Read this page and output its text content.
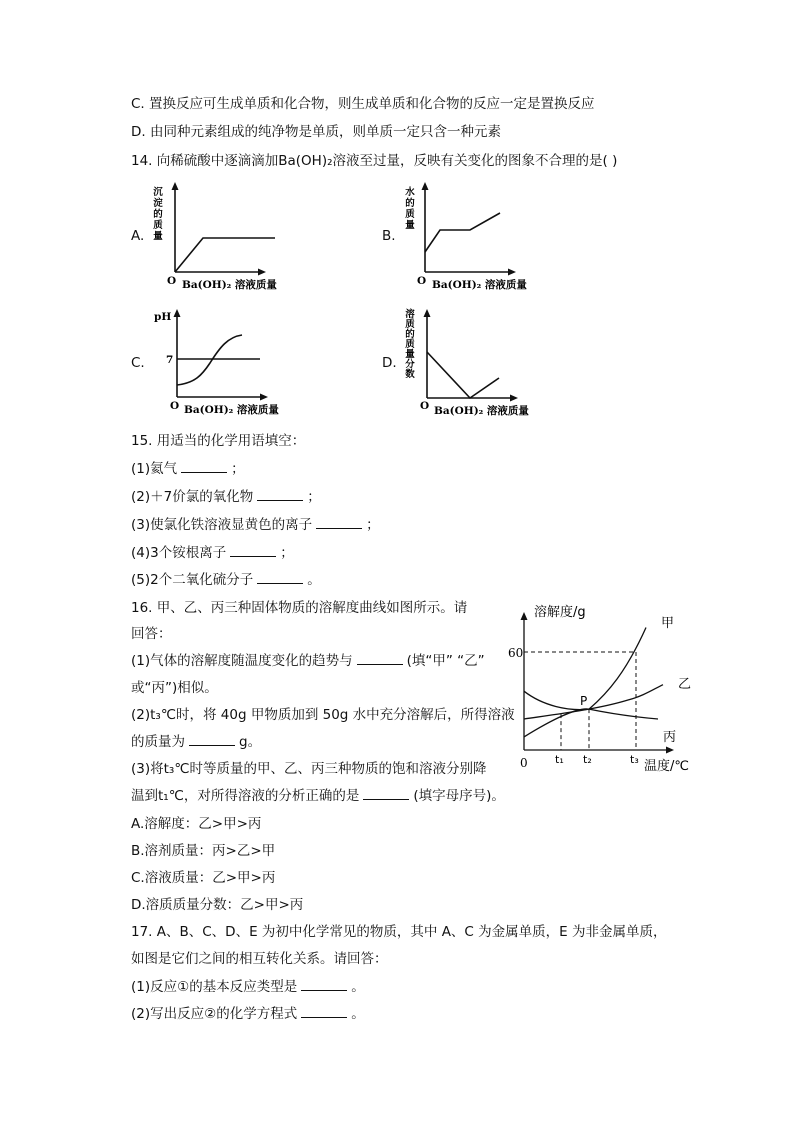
C. 置换反应可生成单质和化合物，则生成单质和化合物的反应一定是置换反应
D. 由同种元素组成的纯净物是单质，则单质一定只含一种元素
14. 向稀硫酸中逐滴滴加Ba(OH)₂溶液至过量，反映有关变化的图象不合理的是( )
A.
沉
淀
的
质
量
O Ba(OH)₂ 溶液质量
B.
水
的
质
量
O Ba(OH)₂ 溶液质量
C.
pH
7
O Ba(OH)₂ 溶液质量
D.
溶
质
的
质
量
分
数
O Ba(OH)₂ 溶液质量
15. 用适当的化学用语填空：
(1)氦气	；
(2)＋7价氯的氧化物	；
(3)使氯化铁溶液显黄色的离子	；
(4)3个铵根离子	；
(5)2个二氧化硫分子	。
16. 甲、乙、丙三种固体物质的溶解度曲线如图所示。请
回答：
(1)气体的溶解度随温度变化的趋势与	(填“甲” “乙”
或“丙”)相似。
(2)t₃℃时，将 40g 甲物质加到 50g 水中充分溶解后，所得溶液
的质量为	g。
(3)将t₃℃时等质量的甲、乙、丙三种物质的饱和溶液分别降
温到t₁℃，对所得溶液的分析正确的是	(填字母序号)。
A.溶解度：乙>甲>丙
B.溶剂质量：丙>乙>甲
C.溶液质量：乙>甲>丙
D.溶质质量分数：乙>甲>丙
溶解度/g
60
0
甲
乙
丙
P
t₁ t₂	t₃ 温度/℃
17. A、B、C、D、E 为初中化学常见的物质，其中 A、C 为金属单质，E 为非金属单质，
如图是它们之间的相互转化关系。请回答：
(1)反应①的基本反应类型是	。
(2)写出反应②的化学方程式	。
